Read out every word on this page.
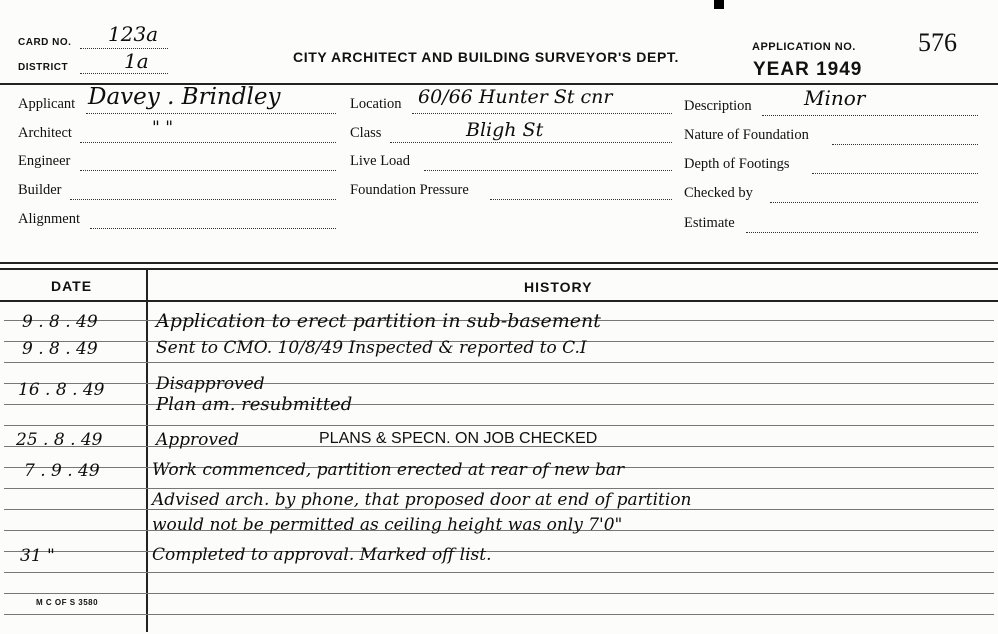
CARD NO. 123a
DISTRICT	1a	CITY ARCHITECT AND BUILDING SURVEYOR'S DEPT.
APPLICATION NO. 576
YEAR 1949
Applicant Davey . Brindley
Architect	" "
Engineer
Builder
Alignment
Location 60/66 Hunter St cnr
Class	Bligh St
Live Load
Foundation Pressure
Description	Minor
Nature of Foundation
Depth of Footings
Checked by
Estimate
DATE	HISTORY
9 . 8 . 49	Application to erect partition in sub-basement
9 . 8 . 49	Sent to CMO. 10/8/49 Inspected & reported to C.I
16 . 8 . 49	Disapproved
Plan am. resubmitted
25 . 8 . 49	Approved	PLANS & SPECN. ON JOB CHECKED
7 . 9 . 49	Work commenced, partition erected at rear of new bar
Advised arch. by phone, that proposed door at end of partition
would not be permitted as ceiling height was only 7'0"
31 "	Completed to approval. Marked off list.
M C OF S 3580
